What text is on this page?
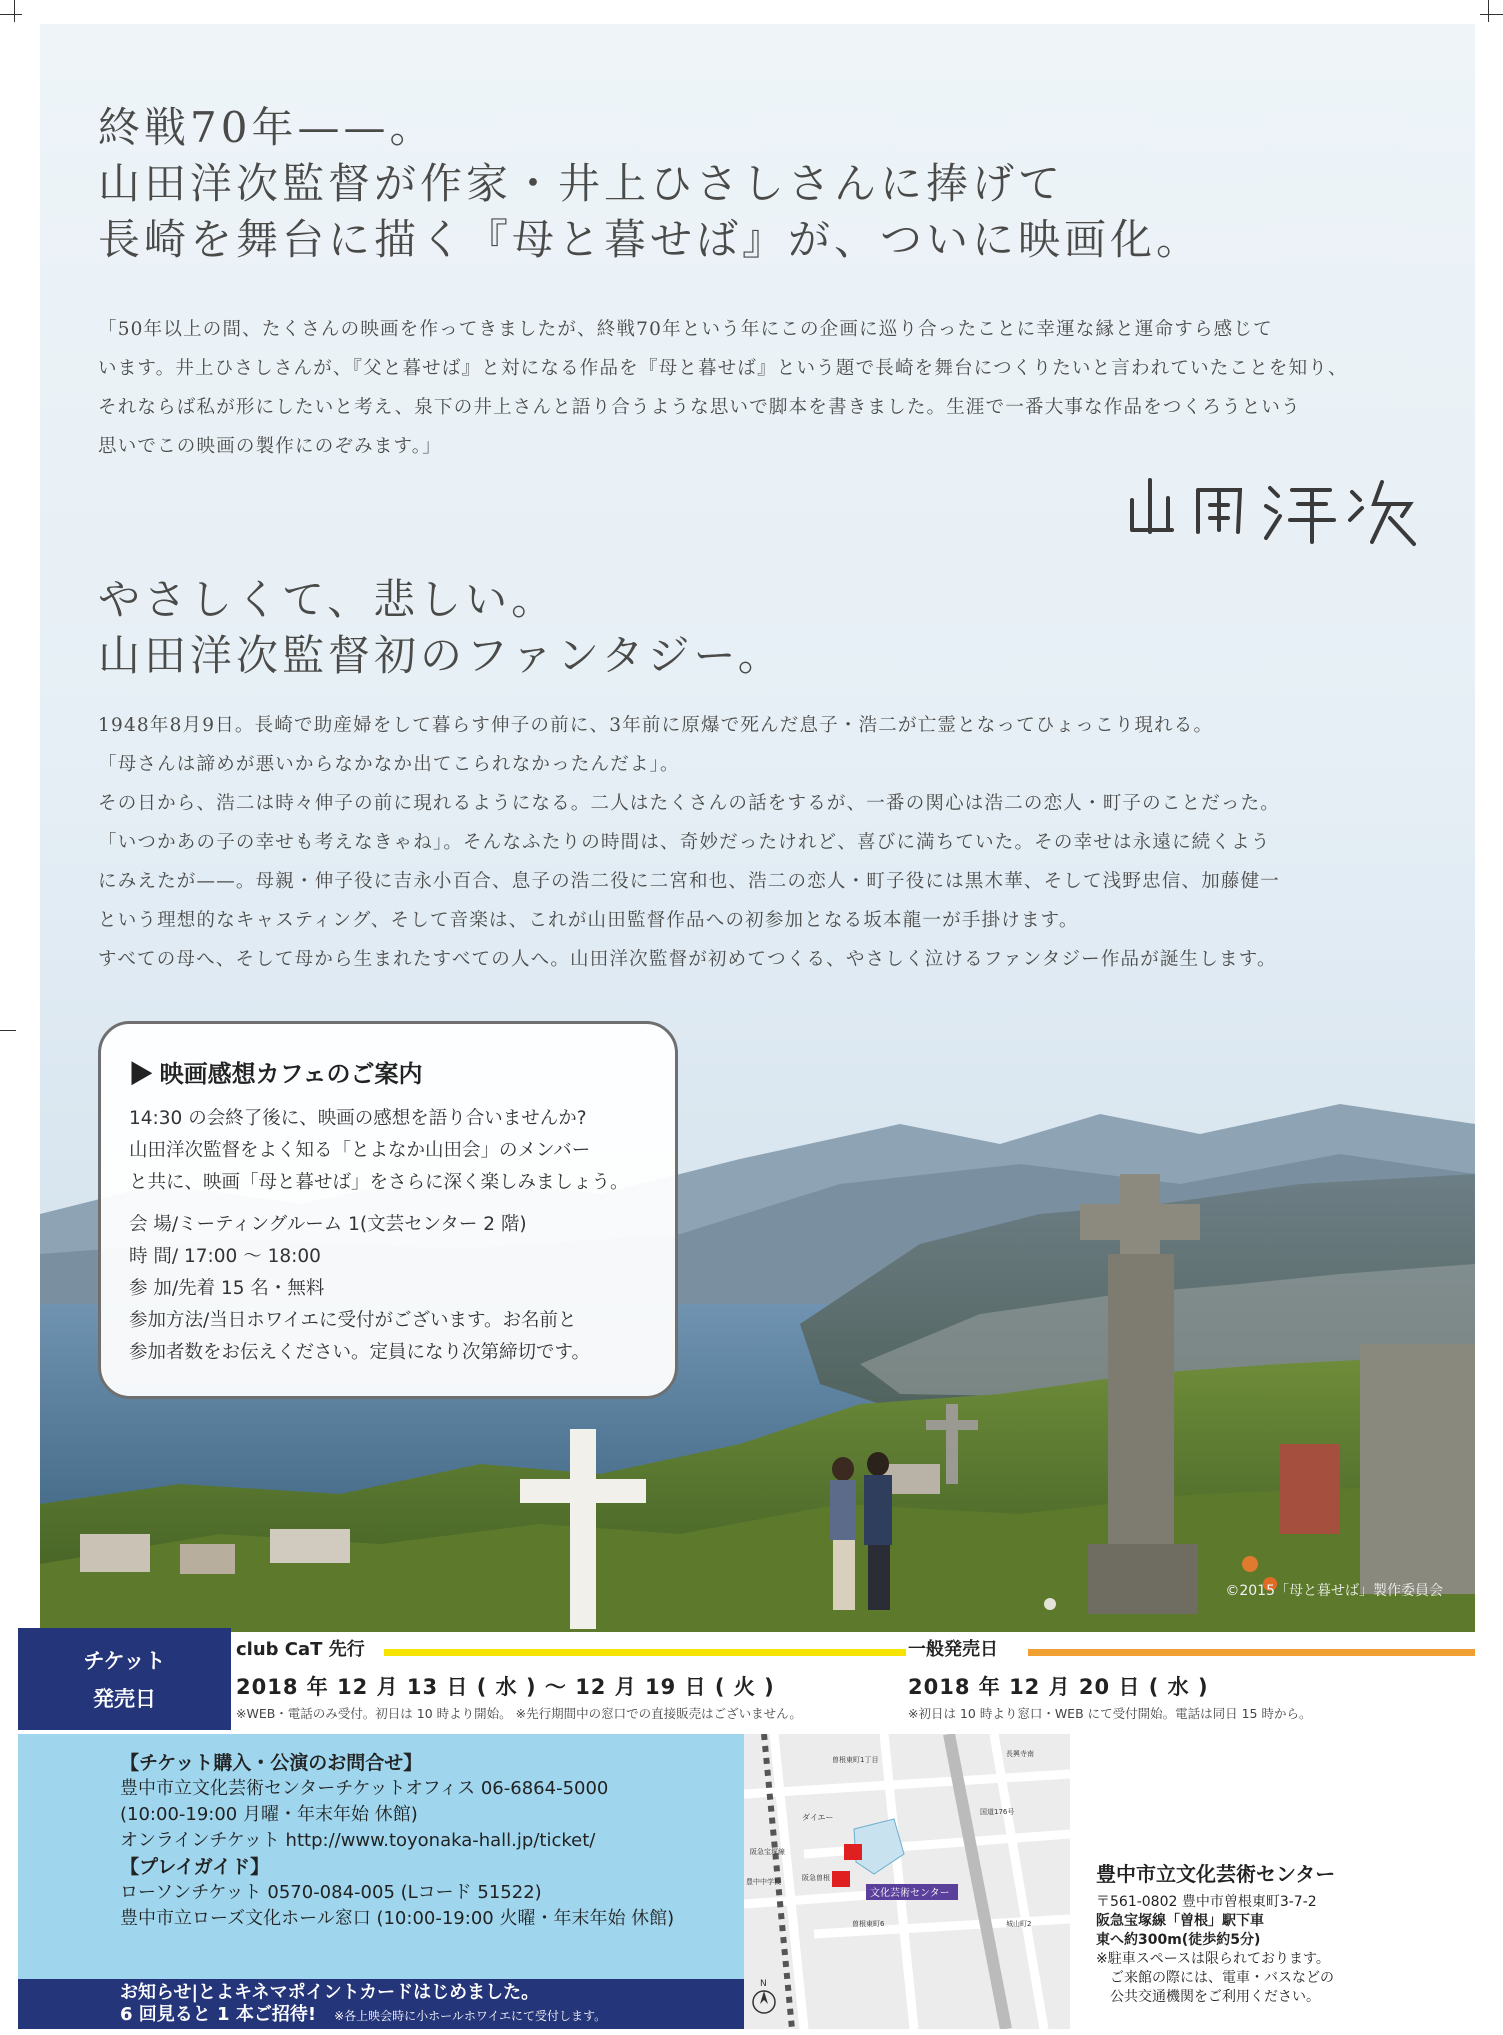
終戦70年——。
山田洋次監督が作家・井上ひさしさんに捧げて
長崎を舞台に描く『母と暮せば』が、ついに映画化。
「50年以上の間、たくさんの映画を作ってきましたが、終戦70年という年にこの企画に巡り合ったことに幸運な縁と運命すら感じて
います。井上ひさしさんが、『父と暮せば』と対になる作品を『母と暮せば』という題で長崎を舞台につくりたいと言われていたことを知り、
それならば私が形にしたいと考え、泉下の井上さんと語り合うような思いで脚本を書きました。生涯で一番大事な作品をつくろうという
思いでこの映画の製作にのぞみます。」
やさしくて、悲しい。
山田洋次監督初のファンタジー。
1948年8月9日。長崎で助産婦をして暮らす伸子の前に、3年前に原爆で死んだ息子・浩二が亡霊となってひょっこり現れる。
「母さんは諦めが悪いからなかなか出てこられなかったんだよ」。
その日から、浩二は時々伸子の前に現れるようになる。二人はたくさんの話をするが、一番の関心は浩二の恋人・町子のことだった。
「いつかあの子の幸せも考えなきゃね」。そんなふたりの時間は、奇妙だったけれど、喜びに満ちていた。その幸せは永遠に続くよう
にみえたが——。母親・伸子役に吉永小百合、息子の浩二役に二宮和也、浩二の恋人・町子役には黒木華、そして浅野忠信、加藤健一
という理想的なキャスティング、そして音楽は、これが山田監督作品への初参加となる坂本龍一が手掛けます。
すべての母へ、そして母から生まれたすべての人へ。山田洋次監督が初めてつくる、やさしく泣けるファンタジー作品が誕生します。
©2015「母と暮せば」製作委員会
▶ 映画感想カフェのご案内
14:30 の会終了後に、映画の感想を語り合いませんか?
山田洋次監督をよく知る「とよなか山田会」のメンバー
と共に、映画「母と暮せば」をさらに深く楽しみましょう。
会 場/ミーティングルーム 1(文芸センター 2 階)
時 間/ 17:00 〜 18:00
参 加/先着 15 名・無料
参加方法/当日ホワイエに受付がございます。お名前と
参加者数をお伝えください。定員になり次第締切です。
チケット
発売日
club CaT 先行
2018 年 12 月 13 日 ( 水 ) 〜 12 月 19 日 ( 火 )
※WEB・電話のみ受付。初日は 10 時より開始。 ※先行期間中の窓口での直接販売はございません。
一般発売日
2018 年 12 月 20 日 ( 水 )
※初日は 10 時より窓口・WEB にて受付開始。電話は同日 15 時から。
【チケット購入・公演のお問合せ】
豊中市立文化芸術センターチケットオフィス 06-6864-5000
(10:00-19:00 月曜・年末年始 休館)
オンラインチケット http://www.toyonaka-hall.jp/ticket/
【プレイガイド】
ローソンチケット 0570-084-005 (Lコード 51522)
豊中市立ローズ文化ホール窓口 (10:00-19:00 火曜・年末年始 休館)
お知らせ|とよキネマポイントカードはじめました。
6 回見ると 1 本ご招待! ※各上映会時に小ホールホワイエにて受付します。
文化芸術センター
曽根東町1丁目
長興寺南
ダイエー
阪急宝塚線
国道176号
豊中中学校	阪急曽根
曽根東町6	城山町2
N
豊中市立文化芸術センター
〒561-0802 豊中市曽根東町3-7-2
阪急宝塚線「曽根」駅下車
東へ約300m(徒歩約5分)
※駐車スペースは限られております。
　ご来館の際には、電車・バスなどの
　公共交通機関をご利用ください。
